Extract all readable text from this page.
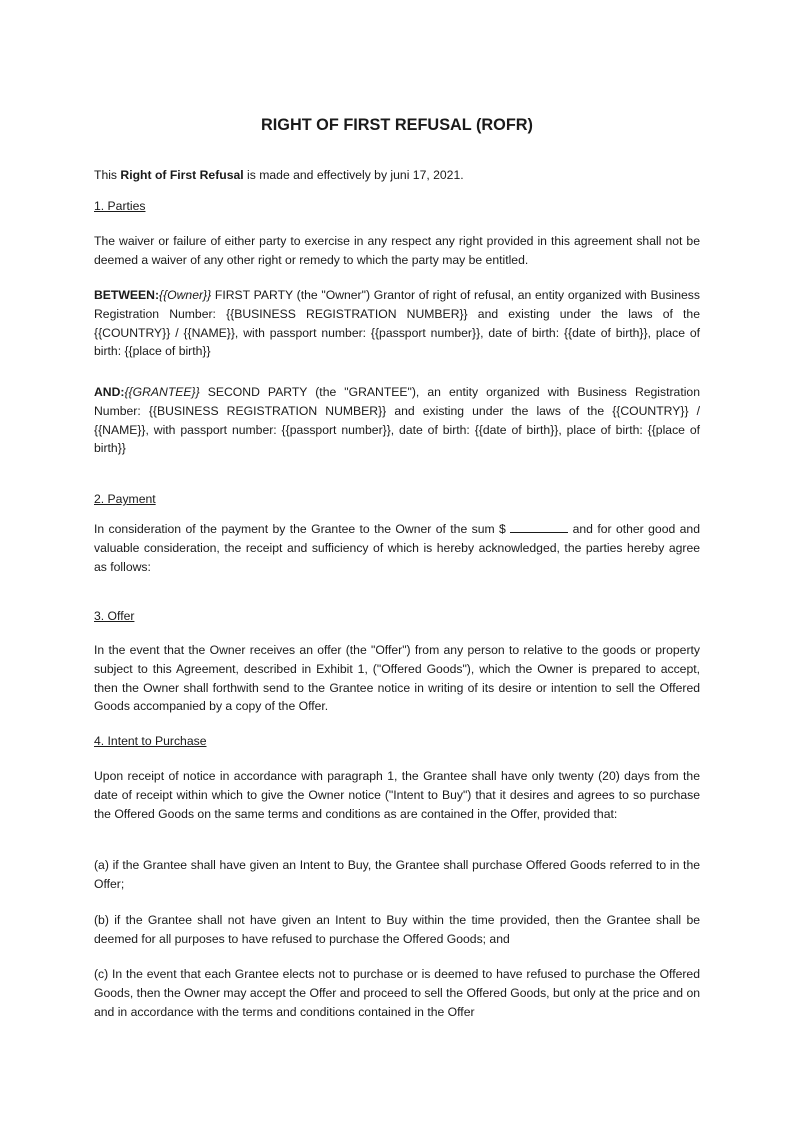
RIGHT OF FIRST REFUSAL (ROFR)

This Right of First Refusal is made and effectively by juni 17, 2021.

1. Parties

The waiver or failure of either party to exercise in any respect any right provided in this agreement shall not be deemed a waiver of any other right or remedy to which the party may be entitled.

BETWEEN:{{Owner}} FIRST PARTY (the "Owner") Grantor of right of refusal, an entity organized with Business Registration Number: {{BUSINESS REGISTRATION NUMBER}} and existing under the laws of the {{COUNTRY}} / {{NAME}}, with passport number: {{passport number}}, date of birth: {{date of birth}}, place of birth: {{place of birth}}

AND:{{GRANTEE}} SECOND PARTY (the "GRANTEE"), an entity organized with Business Registration Number: {{BUSINESS REGISTRATION NUMBER}} and existing under the laws of the {{COUNTRY}} / {{NAME}}, with passport number: {{passport number}}, date of birth: {{date of birth}}, place of birth: {{place of birth}}

2. Payment

In consideration of the payment by the Grantee to the Owner of the sum $	and for other good and valuable consideration, the receipt and sufficiency of which is hereby acknowledged, the parties hereby agree as follows:

3. Offer

In the event that the Owner receives an offer (the "Offer") from any person to relative to the goods or property subject to this Agreement, described in Exhibit 1, ("Offered Goods"), which the Owner is prepared to accept, then the Owner shall forthwith send to the Grantee notice in writing of its desire or intention to sell the Offered Goods accompanied by a copy of the Offer.

4. Intent to Purchase

Upon receipt of notice in accordance with paragraph 1, the Grantee shall have only twenty (20) days from the date of receipt within which to give the Owner notice ("Intent to Buy") that it desires and agrees to so purchase the Offered Goods on the same terms and conditions as are contained in the Offer, provided that:

(a) if the Grantee shall have given an Intent to Buy, the Grantee shall purchase Offered Goods referred to in the Offer;

(b) if the Grantee shall not have given an Intent to Buy within the time provided, then the Grantee shall be deemed for all purposes to have refused to purchase the Offered Goods; and

(c) In the event that each Grantee elects not to purchase or is deemed to have refused to purchase the Offered Goods, then the Owner may accept the Offer and proceed to sell the Offered Goods, but only at the price and on and in accordance with the terms and conditions contained in the Offer
